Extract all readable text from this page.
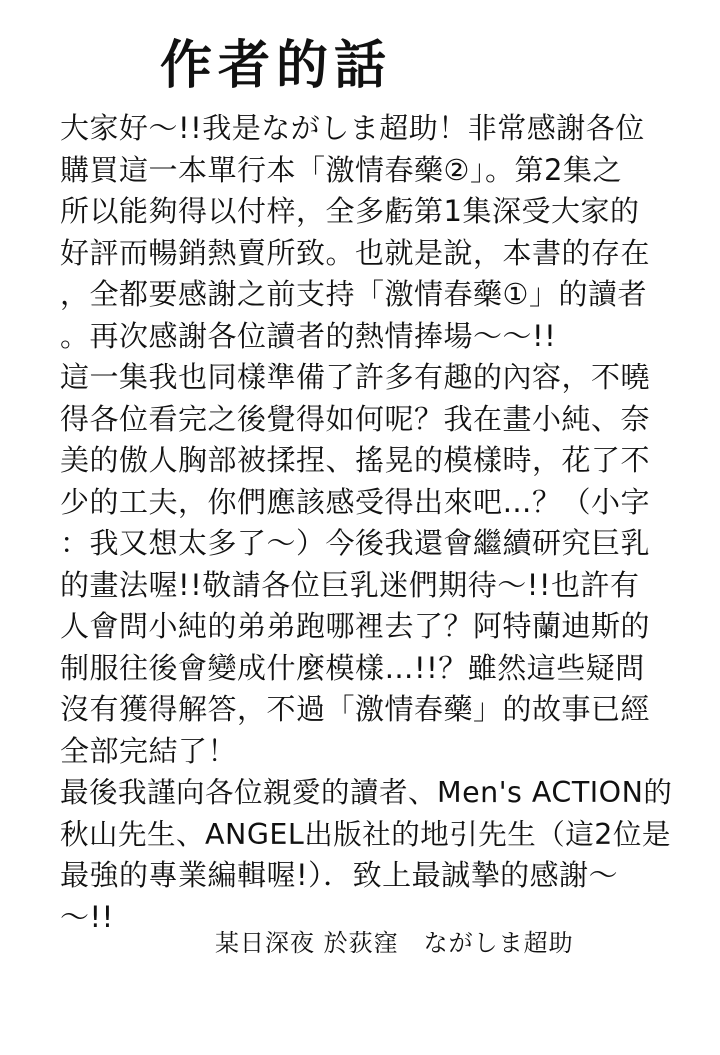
作者的話
大家好～!!我是ながしま超助！非常感謝各位
購買這一本單行本「激情春藥②」。第2集之
所以能夠得以付梓，全多虧第1集深受大家的
好評而暢銷熱賣所致。也就是說，本書的存在
，全都要感謝之前支持「激情春藥①」的讀者
。再次感謝各位讀者的熱情捧場～～!!
這一集我也同樣準備了許多有趣的內容，不曉
得各位看完之後覺得如何呢？我在畫小純、奈
美的傲人胸部被揉捏、搖晃的模樣時，花了不
少的工夫，你們應該感受得出來吧…？（小字
：我又想太多了～）今後我還會繼續研究巨乳
的畫法喔!!敬請各位巨乳迷們期待～!!也許有
人會問小純的弟弟跑哪裡去了？阿特蘭迪斯的
制服往後會變成什麼模樣…!!？雖然這些疑問
沒有獲得解答，不過「激情春藥」的故事已經
全部完結了！
最後我謹向各位親愛的讀者、Men's ACTION的
秋山先生、ANGEL出版社的地引先生（這2位是
最強的專業編輯喔!）．致上最誠摯的感謝～
～!!
某日深夜 於荻窪　ながしま超助
